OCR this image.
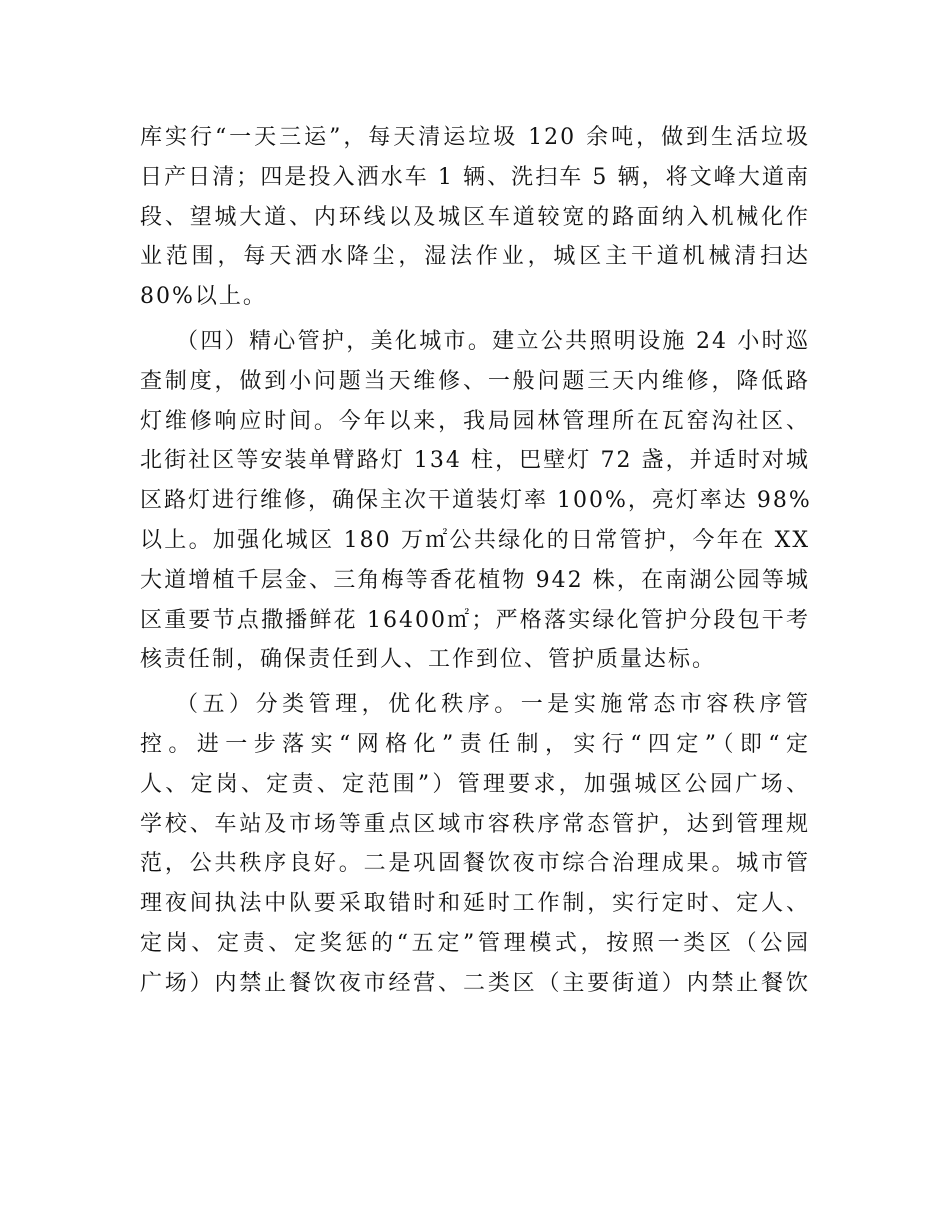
库实行“一天三运”，每天清运垃圾 120 余吨，做到生活垃圾
日产日清；四是投入洒水车 1 辆、洗扫车 5 辆，将文峰大道南
段、望城大道、内环线以及城区车道较宽的路面纳入机械化作
业范围，每天洒水降尘，湿法作业，城区主干道机械清扫达
80%以上。
（四）精心管护，美化城市。建立公共照明设施 24 小时巡
查制度，做到小问题当天维修、一般问题三天内维修，降低路
灯维修响应时间。今年以来，我局园林管理所在瓦窑沟社区、
北街社区等安装单臂路灯 134 柱，巴壁灯 72 盏，并适时对城
区路灯进行维修，确保主次干道装灯率 100%，亮灯率达 98%
以上。加强化城区 180 万㎡公共绿化的日常管护，今年在 XX
大道增植千层金、三角梅等香花植物 942 株，在南湖公园等城
区重要节点撒播鲜花 16400㎡；严格落实绿化管护分段包干考
核责任制，确保责任到人、工作到位、管护质量达标。
（五）分类管理，优化秩序。一是实施常态市容秩序管
控。进一步落实“网格化”责任制，实行“四定”（即“定
人、定岗、定责、定范围”）管理要求，加强城区公园广场、
学校、车站及市场等重点区域市容秩序常态管护，达到管理规
范，公共秩序良好。二是巩固餐饮夜市综合治理成果。城市管
理夜间执法中队要采取错时和延时工作制，实行定时、定人、
定岗、定责、定奖惩的“五定”管理模式，按照一类区（公园
广场）内禁止餐饮夜市经营、二类区（主要街道）内禁止餐饮
